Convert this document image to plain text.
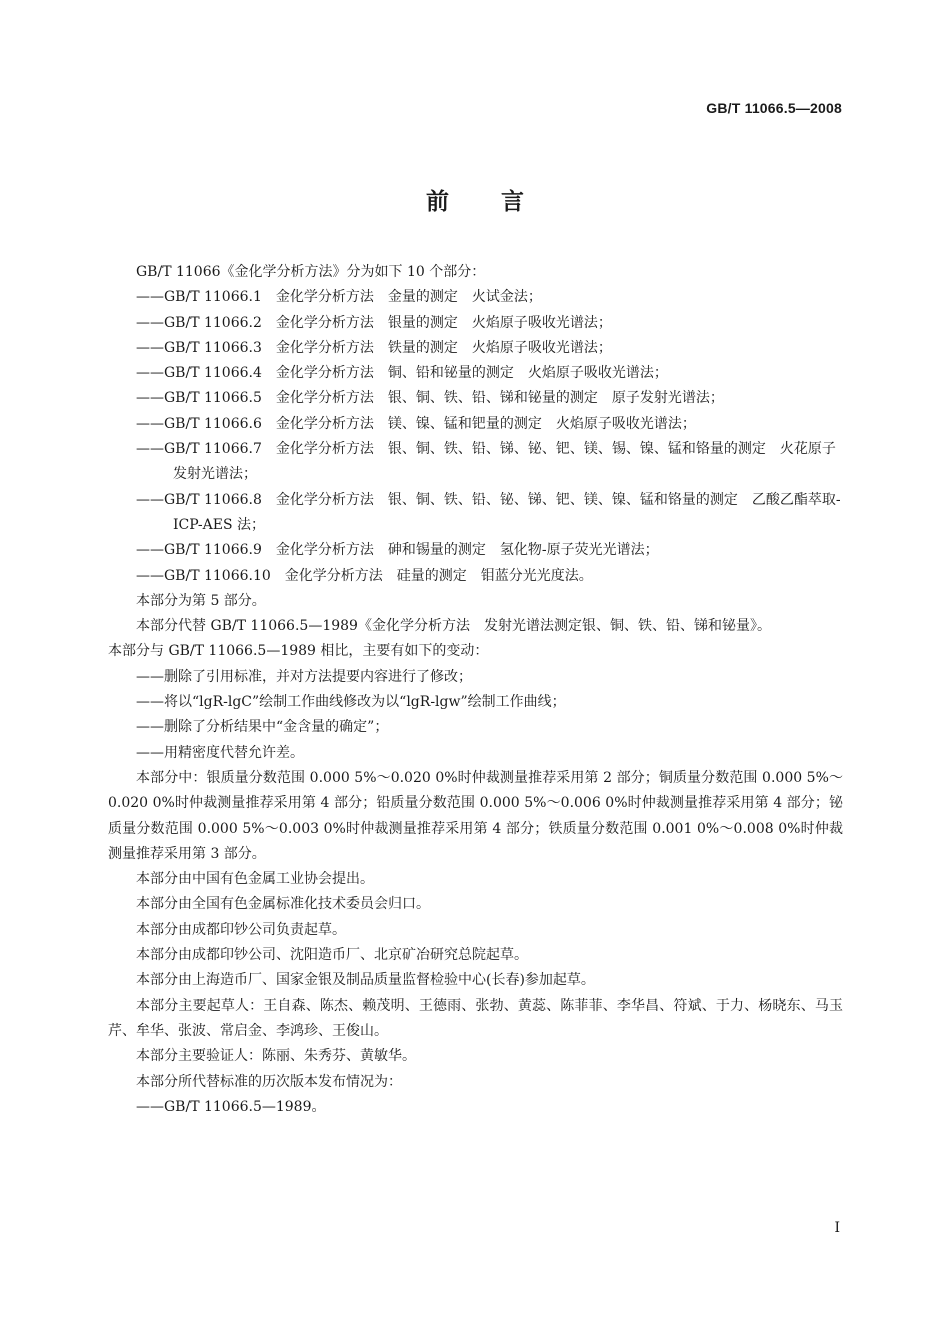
GB/T 11066.5—2008
前言
GB/T 11066《金化学分析方法》分为如下 10 个部分：
——GB/T 11066.1　金化学分析方法　金量的测定　火试金法；
——GB/T 11066.2　金化学分析方法　银量的测定　火焰原子吸收光谱法；
——GB/T 11066.3　金化学分析方法　铁量的测定　火焰原子吸收光谱法；
——GB/T 11066.4　金化学分析方法　铜、铅和铋量的测定　火焰原子吸收光谱法；
——GB/T 11066.5　金化学分析方法　银、铜、铁、铅、锑和铋量的测定　原子发射光谱法；
——GB/T 11066.6　金化学分析方法　镁、镍、锰和钯量的测定　火焰原子吸收光谱法；
——GB/T 11066.7　金化学分析方法　银、铜、铁、铅、锑、铋、钯、镁、锡、镍、锰和铬量的测定　火花原子发射光谱法；
——GB/T 11066.8　金化学分析方法　银、铜、铁、铅、铋、锑、钯、镁、镍、锰和铬量的测定　乙酸乙酯萃取-ICP-AES 法；
——GB/T 11066.9　金化学分析方法　砷和锡量的测定　氢化物-原子荧光光谱法；
——GB/T 11066.10　金化学分析方法　硅量的测定　钼蓝分光光度法。
本部分为第 5 部分。
本部分代替 GB/T 11066.5—1989《金化学分析方法　发射光谱法测定银、铜、铁、铅、锑和铋量》。
本部分与 GB/T 11066.5—1989 相比，主要有如下的变动：
——删除了引用标准，并对方法提要内容进行了修改；
——将以“lgR-lgC”绘制工作曲线修改为以“lgR-lgw”绘制工作曲线；
——删除了分析结果中“金含量的确定”；
——用精密度代替允许差。
本部分中：银质量分数范围 0.000 5%～0.020 0%时仲裁测量推荐采用第 2 部分；铜质量分数范围 0.000 5%～0.020 0%时仲裁测量推荐采用第 4 部分；铅质量分数范围 0.000 5%～0.006 0%时仲裁测量推荐采用第 4 部分；铋质量分数范围 0.000 5%～0.003 0%时仲裁测量推荐采用第 4 部分；铁质量分数范围 0.001 0%～0.008 0%时仲裁测量推荐采用第 3 部分。
本部分由中国有色金属工业协会提出。
本部分由全国有色金属标准化技术委员会归口。
本部分由成都印钞公司负责起草。
本部分由成都印钞公司、沈阳造币厂、北京矿冶研究总院起草。
本部分由上海造币厂、国家金银及制品质量监督检验中心(长春)参加起草。
本部分主要起草人：王自森、陈杰、赖茂明、王德雨、张勃、黄蕊、陈菲菲、李华昌、符斌、于力、杨晓东、马玉芹、牟华、张波、常启金、李鸿珍、王俊山。
本部分主要验证人：陈丽、朱秀芬、黄敏华。
本部分所代替标准的历次版本发布情况为：
——GB/T 11066.5—1989。
I
